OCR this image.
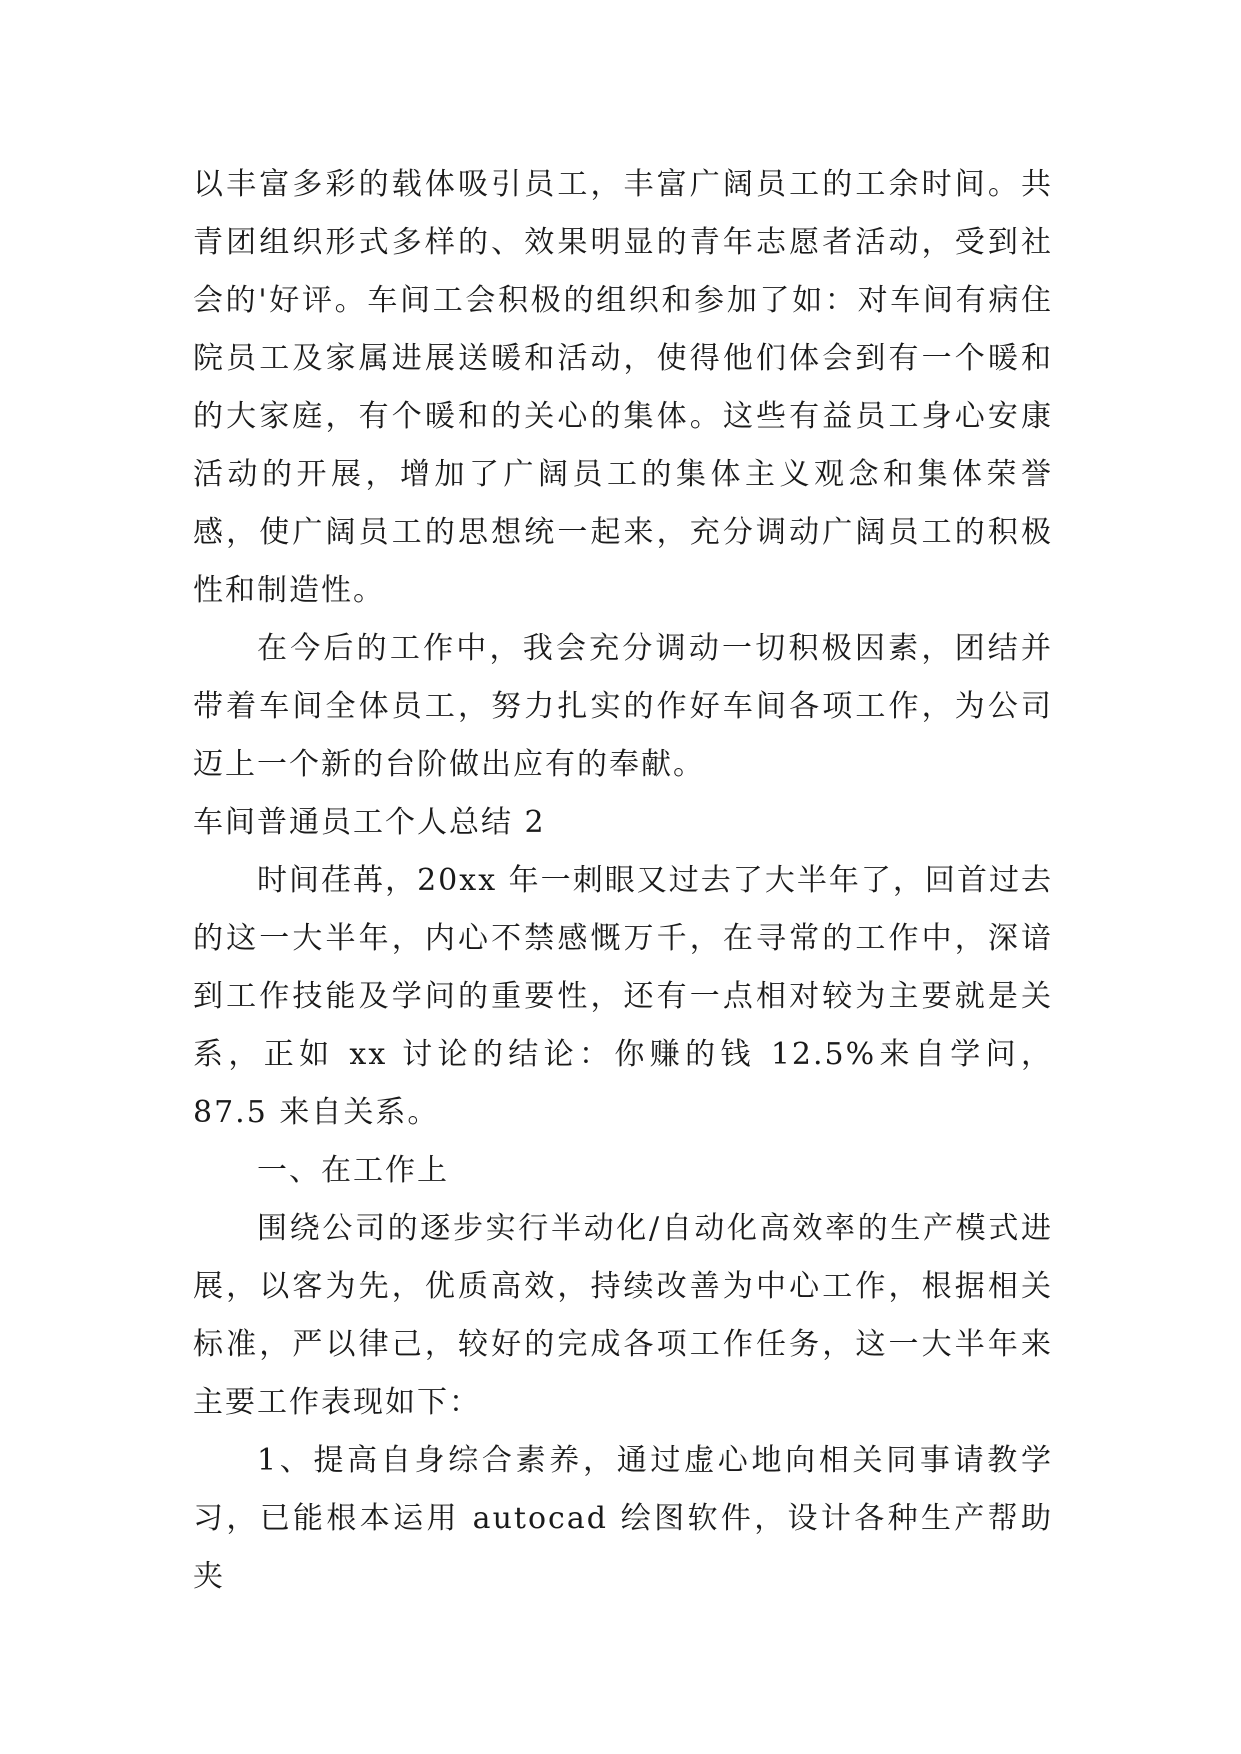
以丰富多彩的载体吸引员工，丰富广阔员工的工余时间。共青团组织形式多样的、效果明显的青年志愿者活动，受到社会的'好评。车间工会积极的组织和参加了如：对车间有病住院员工及家属进展送暖和活动，使得他们体会到有一个暖和的大家庭，有个暖和的关心的集体。这些有益员工身心安康活动的开展，增加了广阔员工的集体主义观念和集体荣誉感，使广阔员工的思想统一起来，充分调动广阔员工的积极性和制造性。

在今后的工作中，我会充分调动一切积极因素，团结并带着车间全体员工，努力扎实的作好车间各项工作，为公司迈上一个新的台阶做出应有的奉献。

车间普通员工个人总结 2

时间荏苒，20xx 年一刺眼又过去了大半年了，回首过去的这一大半年，内心不禁感慨万千，在寻常的工作中，深谙到工作技能及学问的重要性，还有一点相对较为主要就是关系，正如 xx 讨论的结论：你赚的钱 12.5%来自学问，87.5 来自关系。

一、在工作上

围绕公司的逐步实行半动化/自动化高效率的生产模式进展，以客为先，优质高效，持续改善为中心工作，根据相关标准，严以律己，较好的完成各项工作任务，这一大半年来主要工作表现如下：

1、提高自身综合素养，通过虚心地向相关同事请教学习，已能根本运用 autocad 绘图软件，设计各种生产帮助夹
